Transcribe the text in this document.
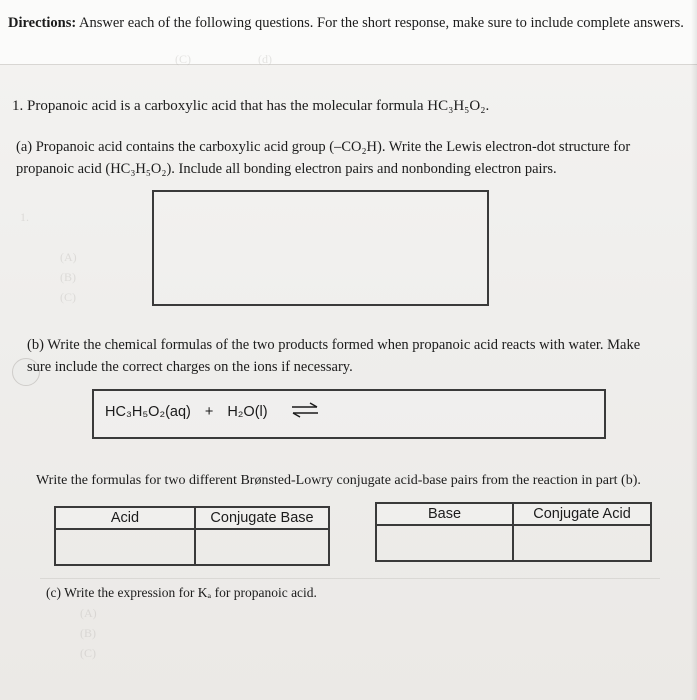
(C)	(d)
1.
(A)
(B)
(C)
(A)
(B)
(C)
Directions: Answer each of the following questions. For the short response, make sure to include complete answers.
1. Propanoic acid is a carboxylic acid that has the molecular formula HC₃H₅O₂.
(a) Propanoic acid contains the carboxylic acid group (–CO₂H). Write the Lewis electron-dot structure for propanoic acid (HC₃H₅O₂). Include all bonding electron pairs and nonbonding electron pairs.
(b) Write the chemical formulas of the two products formed when propanoic acid reacts with water. Make sure include the correct charges on the ions if necessary.
HC₃H₅O₂(aq) + H₂O(l)
Write the formulas for two different Brønsted-Lowry conjugate acid-base pairs from the reaction in part (b).
Acid	Conjugate Base
		Base	Conjugate Acid

(c) Write the expression for Kₐ for propanoic acid.
